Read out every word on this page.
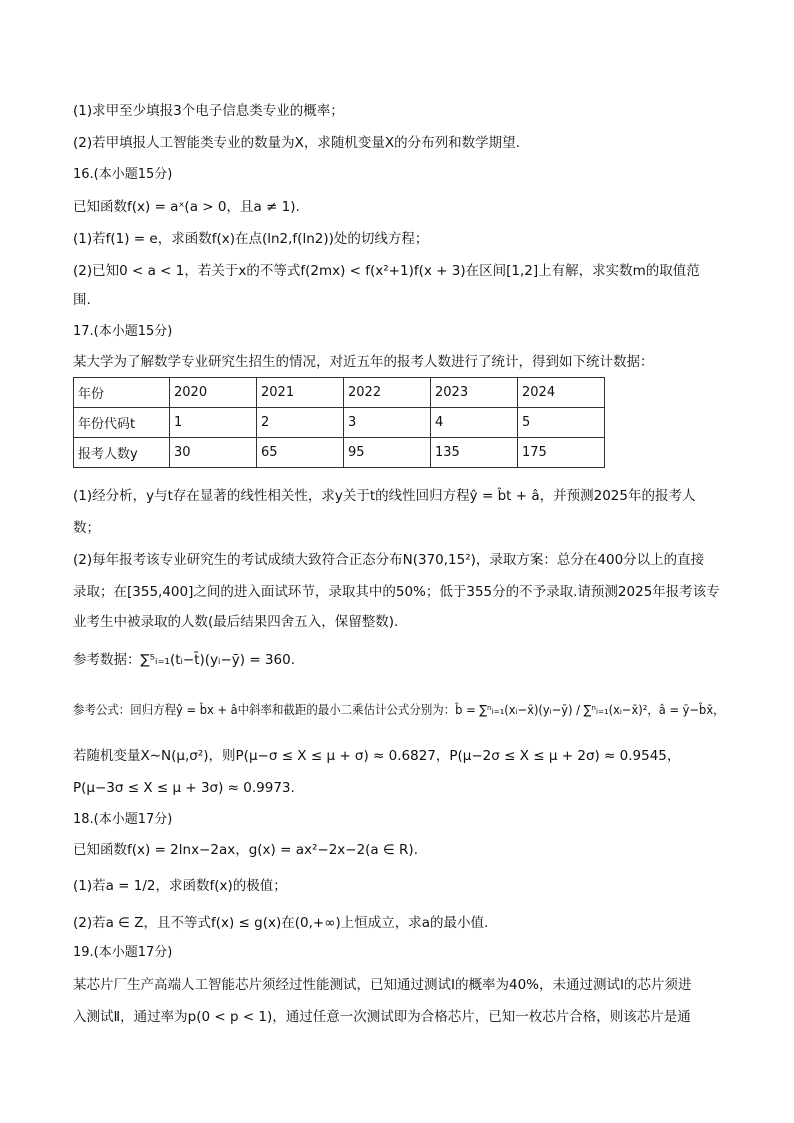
(1)求甲至少填报3个电子信息类专业的概率；
(2)若甲填报人工智能类专业的数量为X，求随机变量X的分布列和数学期望.
16.(本小题15分)
已知函数f(x) = aˣ(a > 0，且a ≠ 1).
(1)若f(1) = e，求函数f(x)在点(ln2,f(ln2))处的切线方程；
(2)已知0 < a < 1，若关于x的不等式f(2mx) < f(x²+1)f(x + 3)在区间[1,2]上有解，求实数m的取值范
围.
17.(本小题15分)
某大学为了解数学专业研究生招生的情况，对近五年的报考人数进行了统计，得到如下统计数据：
年份	2020	2021	2022	2023	2024
年份代码t	1	2	3	4	5
报考人数y	30	65	95	135	175
(1)经分析，y与t存在显著的线性相关性，求y关于t的线性回归方程ŷ = b̂t + â，并预测2025年的报考人
数；
(2)每年报考该专业研究生的考试成绩大致符合正态分布N(370,15²)，录取方案：总分在400分以上的直接
录取；在[355,400]之间的进入面试环节，录取其中的50%；低于355分的不予录取.请预测2025年报考该专
业考生中被录取的人数(最后结果四舍五入，保留整数).
参考数据：∑⁵ᵢ₌₁(tᵢ−t̄)(yᵢ−ȳ) = 360.
参考公式：回归方程ŷ = b̂x + â中斜率和截距的最小二乘估计公式分别为：b̂ = ∑ⁿᵢ₌₁(xᵢ−x̄)(yᵢ−ȳ) / ∑ⁿᵢ₌₁(xᵢ−x̄)²，â = ȳ−b̂x̄，
若随机变量X∼N(μ,σ²)，则P(μ−σ ≤ X ≤ μ + σ) ≈ 0.6827，P(μ−2σ ≤ X ≤ μ + 2σ) ≈ 0.9545，
P(μ−3σ ≤ X ≤ μ + 3σ) ≈ 0.9973.
18.(本小题17分)
已知函数f(x) = 2lnx−2ax，g(x) = ax²−2x−2(a ∈ R).
(1)若a = 1/2，求函数f(x)的极值；
(2)若a ∈ Z，且不等式f(x) ≤ g(x)在(0,+∞)上恒成立，求a的最小值.
19.(本小题17分)
某芯片厂生产高端人工智能芯片须经过性能测试，已知通过测试I的概率为40%，未通过测试I的芯片须进
入测试Ⅱ，通过率为p(0 < p < 1)，通过任意一次测试即为合格芯片，已知一枚芯片合格，则该芯片是通
